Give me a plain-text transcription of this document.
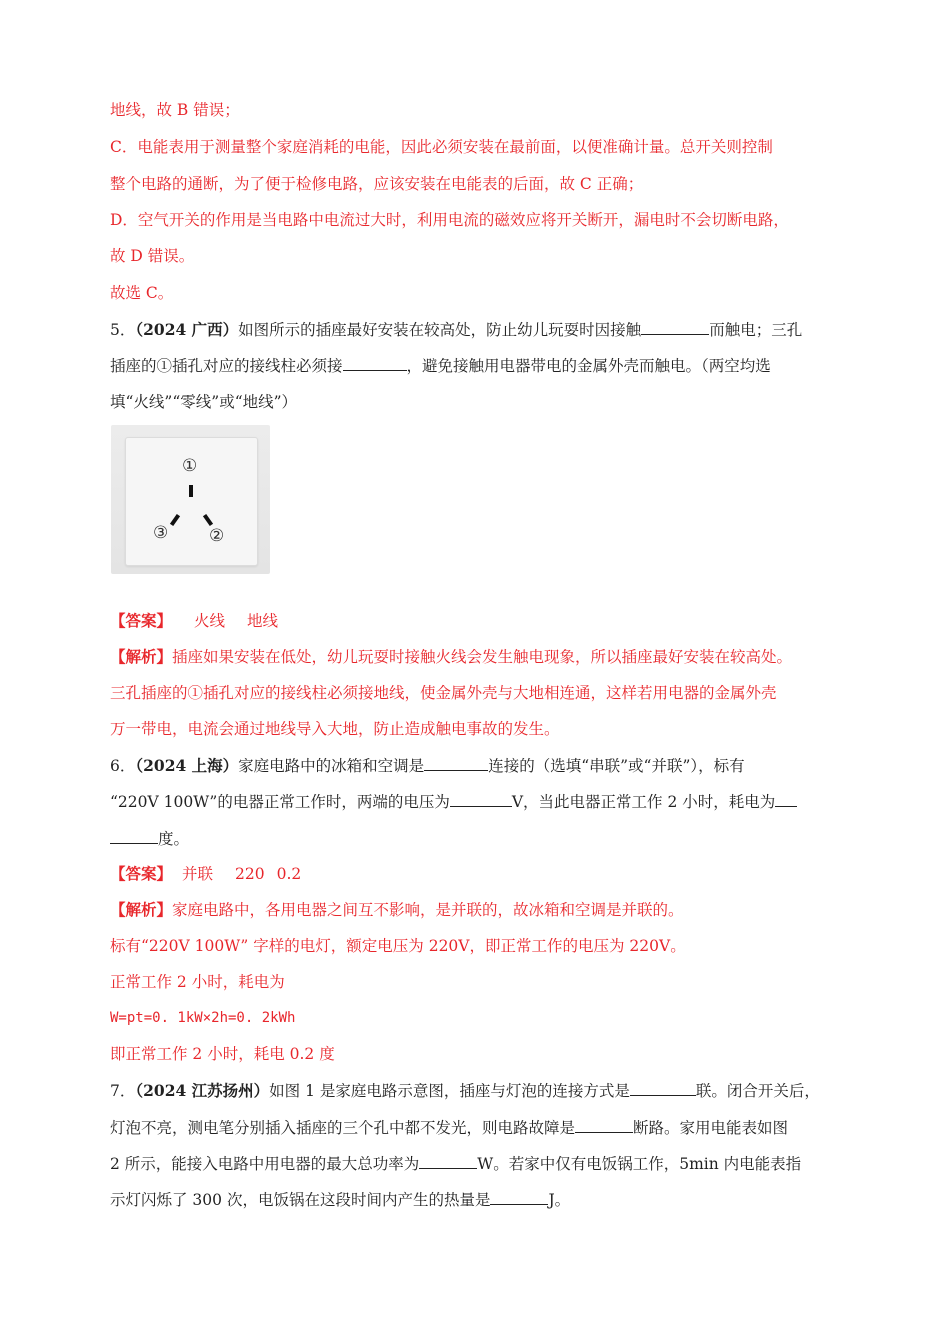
地线，故 B 错误；
C．电能表用于测量整个家庭消耗的电能，因此必须安装在最前面，以便准确计量。总开关则控制
整个电路的通断，为了便于检修电路，应该安装在电能表的后面，故 C 正确；
D．空气开关的作用是当电路中电流过大时，利用电流的磁效应将开关断开，漏电时不会切断电路，
故 D 错误。
故选 C。
5．（2024 广西）如图所示的插座最好安装在较高处，防止幼儿玩耍时因接触	而触电；三孔
插座的①插孔对应的接线柱必须接	，避免接触用电器带电的金属外壳而触电。（两空均选
填“火线”“零线”或“地线”）
①
②
③
【答案】 火线 地线
【解析】插座如果安装在低处，幼儿玩耍时接触火线会发生触电现象，所以插座最好安装在较高处。
三孔插座的①插孔对应的接线柱必须接地线，使金属外壳与大地相连通，这样若用电器的金属外壳
万一带电，电流会通过地线导入大地，防止造成触电事故的发生。
6．（2024 上海）家庭电路中的冰箱和空调是	连接的（选填“串联”或“并联”），标有
“220V 100W”的电器正常工作时，两端的电压为	V，当此电器正常工作 2 小时，耗电为
度。
【答案】 并联 220 0.2
【解析】家庭电路中，各用电器之间互不影响，是并联的，故冰箱和空调是并联的。
标有“220V 100W” 字样的电灯，额定电压为 220V，即正常工作的电压为 220V。
正常工作 2 小时，耗电为
W=pt=0. 1kW×2h=0. 2kWh
即正常工作 2 小时，耗电 0.2 度
7．（2024 江苏扬州）如图 1 是家庭电路示意图，插座与灯泡的连接方式是	联。闭合开关后，
灯泡不亮，测电笔分别插入插座的三个孔中都不发光，则电路故障是	断路。家用电能表如图
2 所示，能接入电路中用电器的最大总功率为	W。若家中仅有电饭锅工作，5min 内电能表指
示灯闪烁了 300 次，电饭锅在这段时间内产生的热量是	J。
